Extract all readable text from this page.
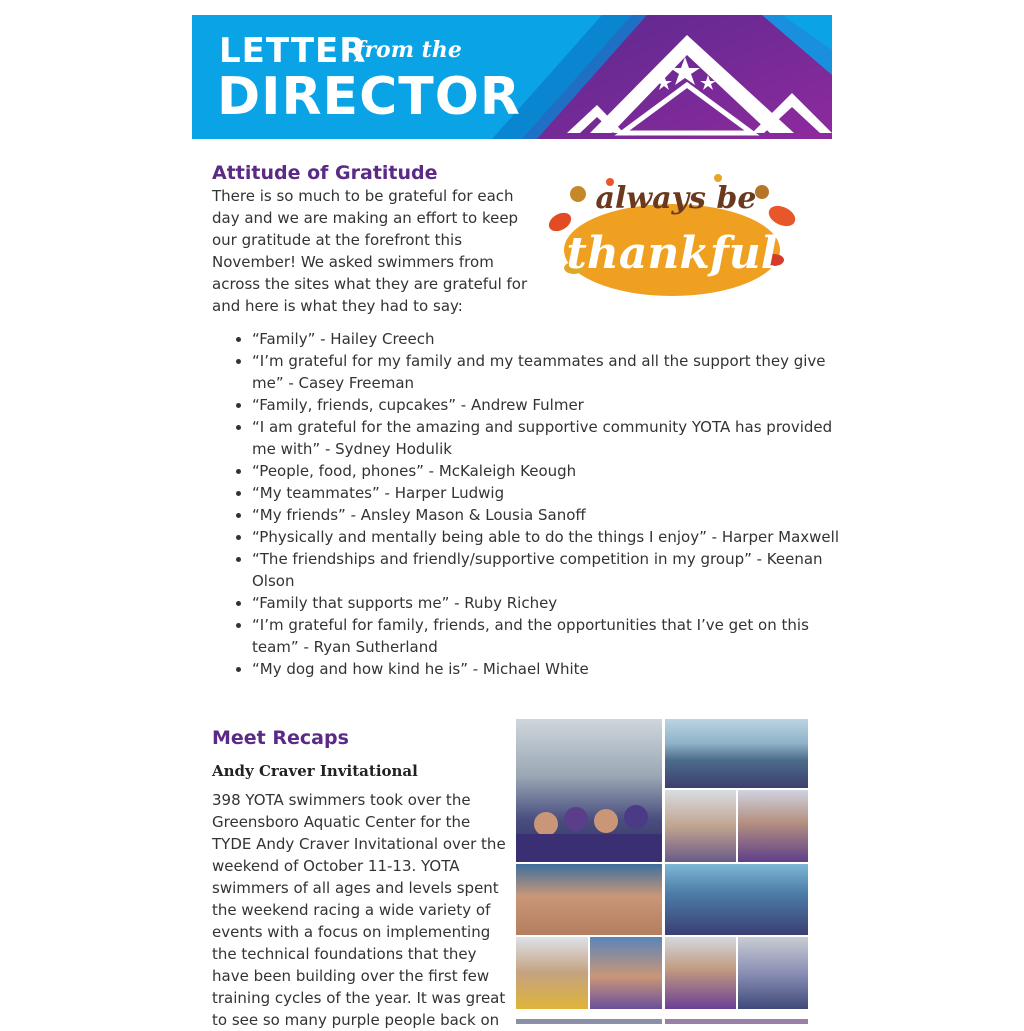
LETTER
from the
DIRECTOR
Attitude of Gratitude

There is so much to be grateful for each day and we are making an effort to keep our gratitude at the forefront this November! We asked swimmers from across the sites what they are grateful for and here is what they had to say:

always be
thankful
• “Family” - Hailey Creech
• “I’m grateful for my family and my teammates and all the support they give me” - Casey Freeman
• “Family, friends, cupcakes” - Andrew Fulmer
• “I am grateful for the amazing and supportive community YOTA has provided me with” - Sydney Hodulik
• “People, food, phones” - McKaleigh Keough
• “My teammates” - Harper Ludwig
• “My friends” - Ansley Mason & Lousia Sanoff
• “Physically and mentally being able to do the things I enjoy” - Harper Maxwell
• “The friendships and friendly/supportive competition in my group” - Keenan Olson
• “Family that supports me” - Ruby Richey
• “I’m grateful for family, friends, and the opportunities that I’ve get on this team” - Ryan Sutherland
• “My dog and how kind he is” - Michael White
Meet Recaps
Andy Craver Invitational

398 YOTA swimmers took over the Greensboro Aquatic Center for the TYDE Andy Craver Invitational over the weekend of October 11-13. YOTA swimmers of all ages and levels spent the weekend racing a wide variety of events with a focus on implementing the technical foundations that they have been building over the first few training cycles of the year. It was great to see so many purple people back on
